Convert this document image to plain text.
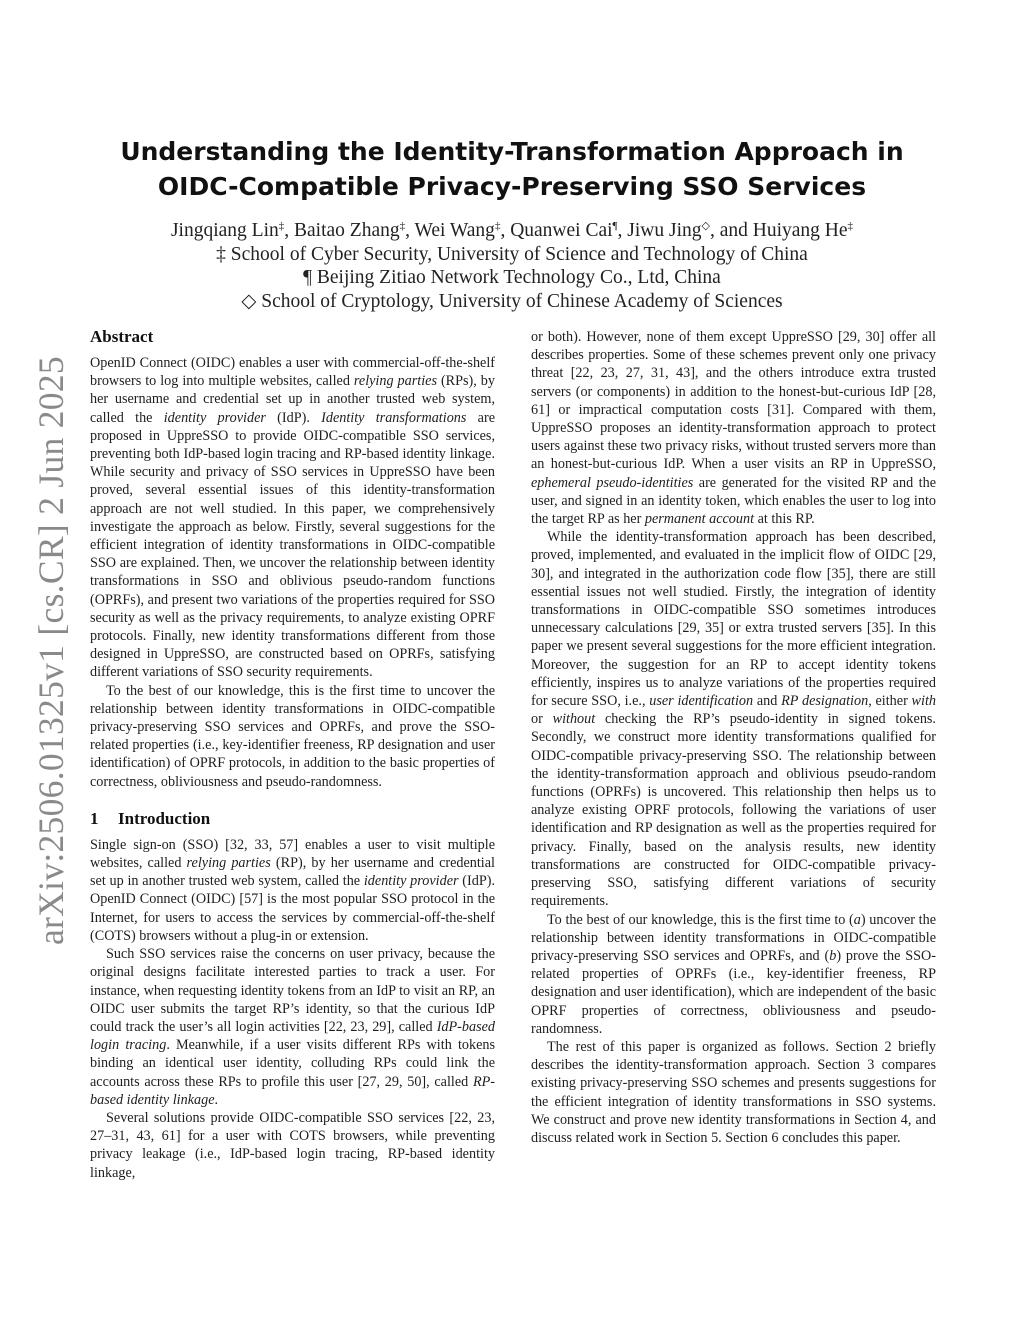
arXiv:2506.01325v1 [cs.CR] 2 Jun 2025
Understanding the Identity-Transformation Approach in
OIDC-Compatible Privacy-Preserving SSO Services
Jingqiang Lin‡, Baitao Zhang‡, Wei Wang‡, Quanwei Cai¶, Jiwu Jing◇, and Huiyang He‡
‡ School of Cyber Security, University of Science and Technology of China
¶ Beijing Zitiao Network Technology Co., Ltd, China
◇ School of Cryptology, University of Chinese Academy of Sciences
Abstract

OpenID Connect (OIDC) enables a user with commercial-off-the-shelf browsers to log into multiple websites, called relying parties (RPs), by her username and credential set up in another trusted web system, called the identity provider (IdP). Identity transformations are proposed in UppreSSO to provide OIDC-compatible SSO services, preventing both IdP-based login tracing and RP-based identity linkage. While security and privacy of SSO services in UppreSSO have been proved, several essential issues of this identity-transformation approach are not well studied. In this paper, we comprehensively investigate the approach as below. Firstly, several suggestions for the efficient integration of identity transformations in OIDC-compatible SSO are explained. Then, we uncover the relationship between identity transformations in SSO and oblivious pseudo-random functions (OPRFs), and present two variations of the properties required for SSO security as well as the privacy requirements, to analyze existing OPRF protocols. Finally, new identity transformations different from those designed in UppreSSO, are constructed based on OPRFs, satisfying different variations of SSO security requirements.

To the best of our knowledge, this is the first time to uncover the relationship between identity transformations in OIDC-compatible privacy-preserving SSO services and OPRFs, and prove the SSO-related properties (i.e., key-identifier freeness, RP designation and user identification) of OPRF protocols, in addition to the basic properties of correctness, obliviousness and pseudo-randomness.

1 Introduction

Single sign-on (SSO) [32, 33, 57] enables a user to visit multiple websites, called relying parties (RP), by her username and credential set up in another trusted web system, called the identity provider (IdP). OpenID Connect (OIDC) [57] is the most popular SSO protocol in the Internet, for users to access the services by commercial-off-the-shelf (COTS) browsers without a plug-in or extension.

Such SSO services raise the concerns on user privacy, because the original designs facilitate interested parties to track a user. For instance, when requesting identity tokens from an IdP to visit an RP, an OIDC user submits the target RP’s identity, so that the curious IdP could track the user’s all login activities [22, 23, 29], called IdP-based login tracing. Meanwhile, if a user visits different RPs with tokens binding an identical user identity, colluding RPs could link the accounts across these RPs to profile this user [27, 29, 50], called RP-based identity linkage.

Several solutions provide OIDC-compatible SSO services [22, 23, 27–31, 43, 61] for a user with COTS browsers, while preventing privacy leakage (i.e., IdP-based login tracing, RP-based identity linkage,

or both). However, none of them except UppreSSO [29, 30] offer all describes properties. Some of these schemes prevent only one privacy threat [22, 23, 27, 31, 43], and the others introduce extra trusted servers (or components) in addition to the honest-but-curious IdP [28, 61] or impractical computation costs [31]. Compared with them, UppreSSO proposes an identity-transformation approach to protect users against these two privacy risks, without trusted servers more than an honest-but-curious IdP. When a user visits an RP in UppreSSO, ephemeral pseudo-identities are generated for the visited RP and the user, and signed in an identity token, which enables the user to log into the target RP as her permanent account at this RP.

While the identity-transformation approach has been described, proved, implemented, and evaluated in the implicit flow of OIDC [29, 30], and integrated in the authorization code flow [35], there are still essential issues not well studied. Firstly, the integration of identity transformations in OIDC-compatible SSO sometimes introduces unnecessary calculations [29, 35] or extra trusted servers [35]. In this paper we present several suggestions for the more efficient integration. Moreover, the suggestion for an RP to accept identity tokens efficiently, inspires us to analyze variations of the properties required for secure SSO, i.e., user identification and RP designation, either with or without checking the RP’s pseudo-identity in signed tokens. Secondly, we construct more identity transformations qualified for OIDC-compatible privacy-preserving SSO. The relationship between the identity-transformation approach and oblivious pseudo-random functions (OPRFs) is uncovered. This relationship then helps us to analyze existing OPRF protocols, following the variations of user identification and RP designation as well as the properties required for privacy. Finally, based on the analysis results, new identity transformations are constructed for OIDC-compatible privacy-preserving SSO, satisfying different variations of security requirements.

To the best of our knowledge, this is the first time to (a) uncover the relationship between identity transformations in OIDC-compatible privacy-preserving SSO services and OPRFs, and (b) prove the SSO-related properties of OPRFs (i.e., key-identifier freeness, RP designation and user identification), which are independent of the basic OPRF properties of correctness, obliviousness and pseudo-randomness.

The rest of this paper is organized as follows. Section 2 briefly describes the identity-transformation approach. Section 3 compares existing privacy-preserving SSO schemes and presents suggestions for the efficient integration of identity transformations in SSO systems. We construct and prove new identity transformations in Section 4, and discuss related work in Section 5. Section 6 concludes this paper.
